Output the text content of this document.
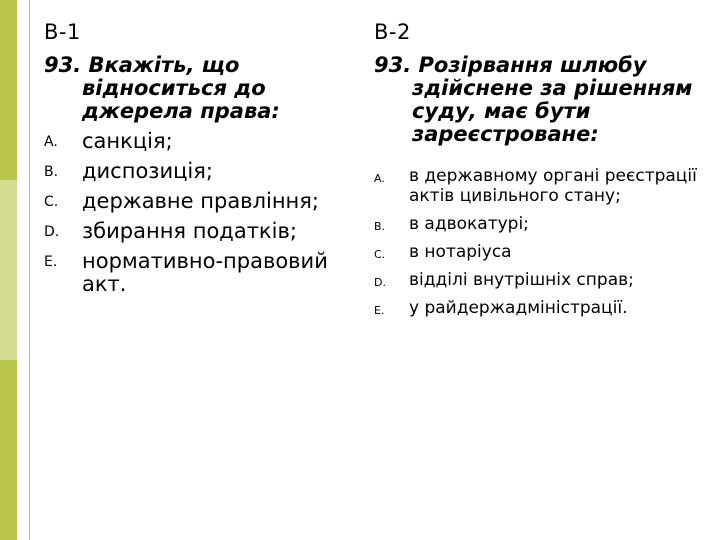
В-1
93. Вкажіть, що відноситься до джерела права:
A. санкція;
B. диспозиція;
C. державне правління;
D. збирання податків;
E. нормативно-правовий акт.
В-2
93. Розірвання шлюбу здійснене за рішенням суду, має бути зареєстроване:
A. в державному органі реєстрації актів цивільного стану;
B. в адвокатурі;
C. в нотаріуса
D. відділі внутрішніх справ;
E. у райдержадміністрації.
